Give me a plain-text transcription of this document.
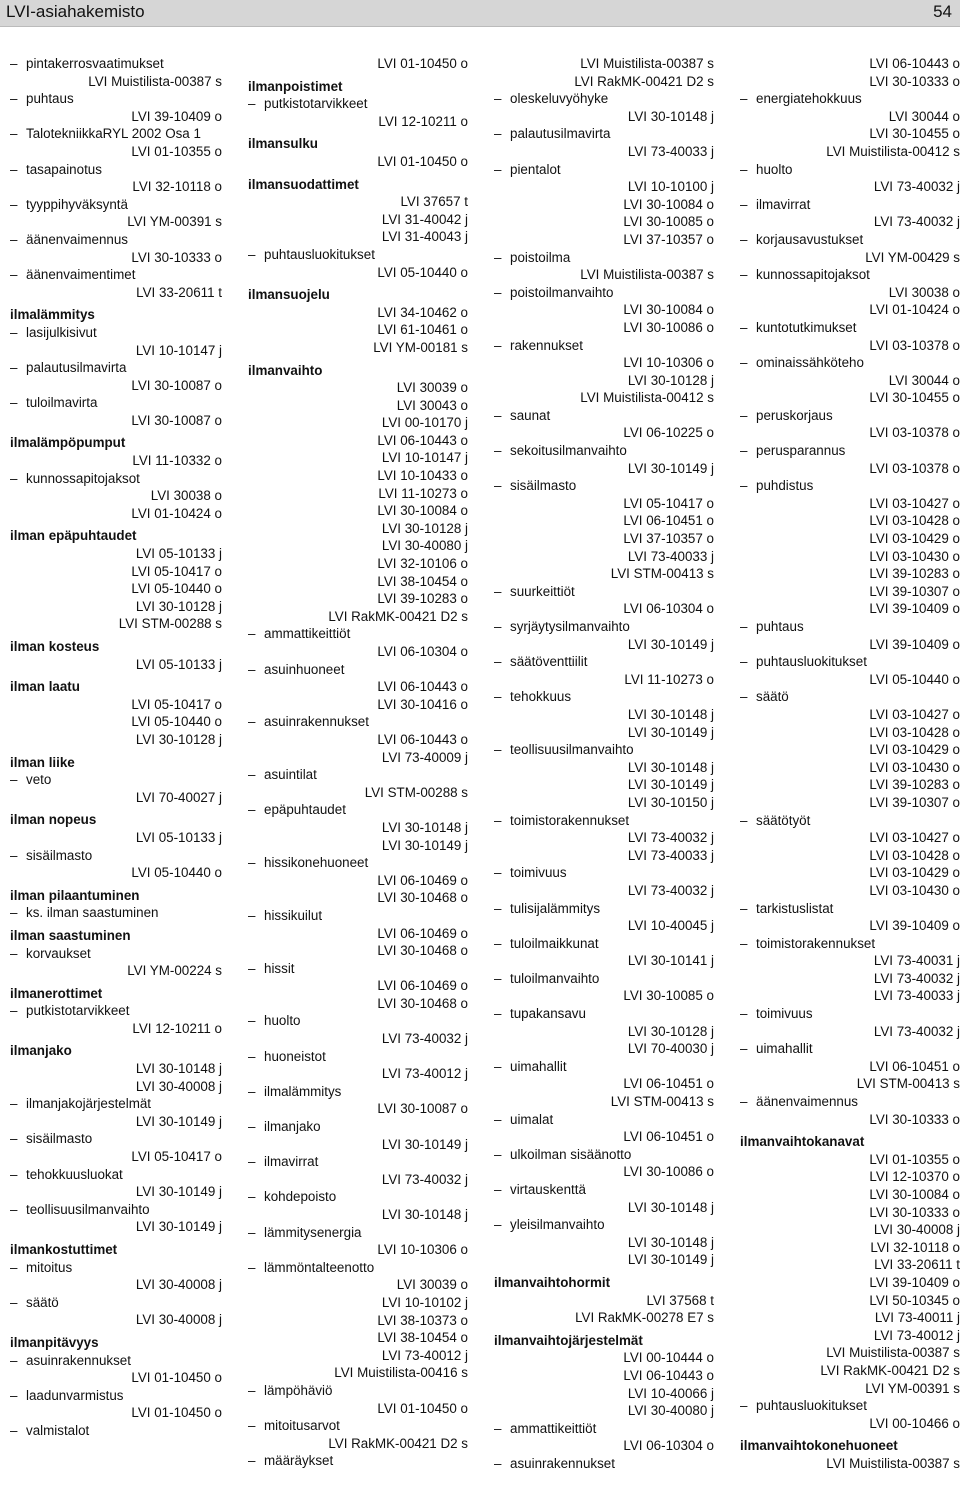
LVI-asiahakemisto	54
– pintakerrosvaatimukset
LVI Muistilista-00387 s
– puhtaus
LVI 39-10409 o
– TalotekniikkaRYL 2002 Osa 1
LVI 01-10355 o
– tasapainotus
LVI 32-10118 o
– tyyppihyväksyntä
LVI YM-00391 s
– äänenvaimennus
LVI 30-10333 o
– äänenvaimentimet
LVI 33-20611 t
ilmalämmitys
– lasijulkisivut
LVI 10-10147 j
– palautusilmavirta
LVI 30-10087 o
– tuloilmavirta
LVI 30-10087 o
ilmalämpöpumput
LVI 11-10332 o
– kunnossapitojaksot
LVI 30038 o
LVI 01-10424 o
ilman epäpuhtaudet
LVI 05-10133 j
LVI 05-10417 o
LVI 05-10440 o
LVI 30-10128 j
LVI STM-00288 s
ilman kosteus
LVI 05-10133 j
ilman laatu
LVI 05-10417 o
LVI 05-10440 o
LVI 30-10128 j
ilman liike
– veto
LVI 70-40027 j
ilman nopeus
LVI 05-10133 j
– sisäilmasto
LVI 05-10440 o
ilman pilaantuminen
– ks. ilman saastuminen
ilman saastuminen
– korvaukset
LVI YM-00224 s
ilmanerottimet
– putkistotarvikkeet
LVI 12-10211 o
ilmanjako
LVI 30-10148 j
LVI 30-40008 j
– ilmanjakojärjestelmät
LVI 30-10149 j
– sisäilmasto
LVI 05-10417 o
– tehokkuusluokat
LVI 30-10149 j
– teollisuusilmanvaihto
LVI 30-10149 j
ilmankostuttimet
– mitoitus
LVI 30-40008 j
– säätö
LVI 30-40008 j
ilmanpitävyys
– asuinrakennukset
LVI 01-10450 o
– laadunvarmistus
LVI 01-10450 o
– valmistalot
LVI 01-10450 o
ilmanpoistimet
– putkistotarvikkeet
LVI 12-10211 o
ilmansulku
LVI 01-10450 o
ilmansuodattimet
LVI 37657 t
LVI 31-40042 j
LVI 31-40043 j
– puhtausluokitukset
LVI 05-10440 o
ilmansuojelu
LVI 34-10462 o
LVI 61-10461 o
LVI YM-00181 s
ilmanvaihto
LVI 30039 o
LVI 30043 o
LVI 00-10170 j
LVI 06-10443 o
LVI 10-10147 j
LVI 10-10433 o
LVI 11-10273 o
LVI 30-10084 o
LVI 30-10128 j
LVI 30-40080 j
LVI 32-10106 o
LVI 38-10454 o
LVI 39-10283 o
LVI RakMK-00421 D2 s
– ammattikeittiöt
LVI 06-10304 o
– asuinhuoneet
LVI 06-10443 o
LVI 30-10416 o
– asuinrakennukset
LVI 06-10443 o
LVI 73-40009 j
– asuintilat
LVI STM-00288 s
– epäpuhtaudet
LVI 30-10148 j
LVI 30-10149 j
– hissikonehuoneet
LVI 06-10469 o
LVI 30-10468 o
– hissikuilut
LVI 06-10469 o
LVI 30-10468 o
– hissit
LVI 06-10469 o
LVI 30-10468 o
– huolto
LVI 73-40032 j
– huoneistot
LVI 73-40012 j
– ilmalämmitys
LVI 30-10087 o
– ilmanjako
LVI 30-10149 j
– ilmavirrat
LVI 73-40032 j
– kohdepoisto
LVI 30-10148 j
– lämmitysenergia
LVI 10-10306 o
– lämmöntalteenotto
LVI 30039 o
LVI 10-10102 j
LVI 38-10373 o
LVI 38-10454 o
LVI 73-40012 j
LVI Muistilista-00416 s
– lämpöhäviö
LVI 01-10450 o
– mitoitusarvot
LVI RakMK-00421 D2 s
– määräykset
LVI Muistilista-00387 s
LVI RakMK-00421 D2 s
– oleskeluvyöhyke
LVI 30-10148 j
– palautusilmavirta
LVI 73-40033 j
– pientalot
LVI 10-10100 j
LVI 30-10084 o
LVI 30-10085 o
LVI 37-10357 o
– poistoilma
LVI Muistilista-00387 s
– poistoilmanvaihto
LVI 30-10084 o
LVI 30-10086 o
– rakennukset
LVI 10-10306 o
LVI 30-10128 j
LVI Muistilista-00412 s
– saunat
LVI 06-10225 o
– sekoitusilmanvaihto
LVI 30-10149 j
– sisäilmasto
LVI 05-10417 o
LVI 06-10451 o
LVI 37-10357 o
LVI 73-40033 j
LVI STM-00413 s
– suurkeittiöt
LVI 06-10304 o
– syrjäytysilmanvaihto
LVI 30-10149 j
– säätöventtiilit
LVI 11-10273 o
– tehokkuus
LVI 30-10148 j
LVI 30-10149 j
– teollisuusilmanvaihto
LVI 30-10148 j
LVI 30-10149 j
LVI 30-10150 j
– toimistorakennukset
LVI 73-40032 j
LVI 73-40033 j
– toimivuus
LVI 73-40032 j
– tulisijalämmitys
LVI 10-40045 j
– tuloilmaikkunat
LVI 30-10141 j
– tuloilmanvaihto
LVI 30-10085 o
– tupakansavu
LVI 30-10128 j
LVI 70-40030 j
– uimahallit
LVI 06-10451 o
LVI STM-00413 s
– uimalat
LVI 06-10451 o
– ulkoilman sisäänotto
LVI 30-10086 o
– virtauskenttä
LVI 30-10148 j
– yleisilmanvaihto
LVI 30-10148 j
LVI 30-10149 j
ilmanvaihtohormit
LVI 37568 t
LVI RakMK-00278 E7 s
ilmanvaihtojärjestelmät
LVI 00-10444 o
LVI 06-10443 o
LVI 10-40066 j
LVI 30-40080 j
– ammattikeittiöt
LVI 06-10304 o
– asuinrakennukset
LVI 06-10443 o
LVI 30-10333 o
– energiatehokkuus
LVI 30044 o
LVI 30-10455 o
LVI Muistilista-00412 s
– huolto
LVI 73-40032 j
– ilmavirrat
LVI 73-40032 j
– korjausavustukset
LVI YM-00429 s
– kunnossapitojaksot
LVI 30038 o
LVI 01-10424 o
– kuntotutkimukset
LVI 03-10378 o
– ominaissähköteho
LVI 30044 o
LVI 30-10455 o
– peruskorjaus
LVI 03-10378 o
– perusparannus
LVI 03-10378 o
– puhdistus
LVI 03-10427 o
LVI 03-10428 o
LVI 03-10429 o
LVI 03-10430 o
LVI 39-10283 o
LVI 39-10307 o
LVI 39-10409 o
– puhtaus
LVI 39-10409 o
– puhtausluokitukset
LVI 05-10440 o
– säätö
LVI 03-10427 o
LVI 03-10428 o
LVI 03-10429 o
LVI 03-10430 o
LVI 39-10283 o
LVI 39-10307 o
– säätötyöt
LVI 03-10427 o
LVI 03-10428 o
LVI 03-10429 o
LVI 03-10430 o
– tarkistuslistat
LVI 39-10409 o
– toimistorakennukset
LVI 73-40031 j
LVI 73-40032 j
LVI 73-40033 j
– toimivuus
LVI 73-40032 j
– uimahallit
LVI 06-10451 o
LVI STM-00413 s
– äänenvaimennus
LVI 30-10333 o
ilmanvaihtokanavat
LVI 01-10355 o
LVI 12-10370 o
LVI 30-10084 o
LVI 30-10333 o
LVI 30-40008 j
LVI 32-10118 o
LVI 33-20611 t
LVI 39-10409 o
LVI 50-10345 o
LVI 73-40011 j
LVI 73-40012 j
LVI Muistilista-00387 s
LVI RakMK-00421 D2 s
LVI YM-00391 s
– puhtausluokitukset
LVI 00-10466 o
ilmanvaihtokonehuoneet
LVI Muistilista-00387 s
